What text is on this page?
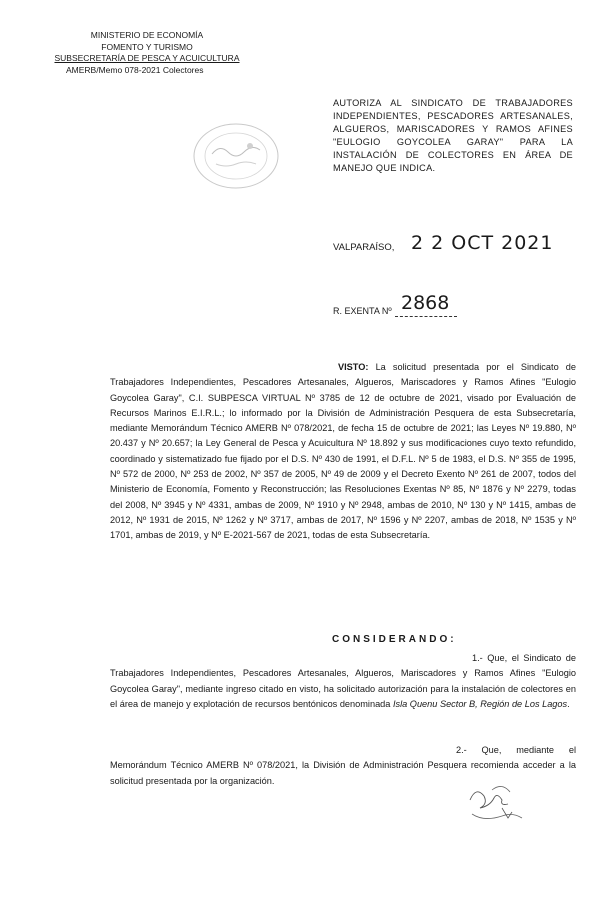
MINISTERIO DE ECONOMÍA
FOMENTO Y TURISMO
SUBSECRETARÍA DE PESCA Y ACUICULTURA
AMERB/Memo 078-2021 Colectores
AUTORIZA AL SINDICATO DE TRABAJADORES INDEPENDIENTES, PESCADORES ARTESANALES, ALGUEROS, MARISCADORES Y RAMOS AFINES "EULOGIO GOYCOLEA GARAY" PARA LA INSTALACIÓN DE COLECTORES EN ÁREA DE MANEJO QUE INDICA.
VALPARAÍSO, 2 2 OCT 2021
R. EXENTA Nº 2868
VISTO: La solicitud presentada por el Sindicato de Trabajadores Independientes, Pescadores Artesanales, Algueros, Mariscadores y Ramos Afines "Eulogio Goycolea Garay", C.I. SUBPESCA VIRTUAL Nº 3785 de 12 de octubre de 2021, visado por Evaluación de Recursos Marinos E.I.R.L.; lo informado por la División de Administración Pesquera de esta Subsecretaría, mediante Memorándum Técnico AMERB Nº 078/2021, de fecha 15 de octubre de 2021; las Leyes Nº 19.880, Nº 20.437 y Nº 20.657; la Ley General de Pesca y Acuicultura Nº 18.892 y sus modificaciones cuyo texto refundido, coordinado y sistematizado fue fijado por el D.S. Nº 430 de 1991, el D.F.L. Nº 5 de 1983, el D.S. Nº 355 de 1995, Nº 572 de 2000, Nº 253 de 2002, Nº 357 de 2005, Nº 49 de 2009 y el Decreto Exento Nº 261 de 2007, todos del Ministerio de Economía, Fomento y Reconstrucción; las Resoluciones Exentas Nº 85, Nº 1876 y Nº 2279, todas del 2008, Nº 3945 y Nº 4331, ambas de 2009, Nº 1910 y Nº 2948, ambas de 2010, Nº 130 y Nº 1415, ambas de 2012, Nº 1931 de 2015, Nº 1262 y Nº 3717, ambas de 2017, Nº 1596 y Nº 2207, ambas de 2018, Nº 1535 y Nº 1701, ambas de 2019, y Nº E-2021-567 de 2021, todas de esta Subsecretaría.
CONSIDERANDO:
1.- Que, el Sindicato de Trabajadores Independientes, Pescadores Artesanales, Algueros, Mariscadores y Ramos Afines "Eulogio Goycolea Garay", mediante ingreso citado en visto, ha solicitado autorización para la instalación de colectores en el área de manejo y explotación de recursos bentónicos denominada Isla Quenu Sector B, Región de Los Lagos.
2.- Que, mediante el Memorándum Técnico AMERB Nº 078/2021, la División de Administración Pesquera recomienda acceder a la solicitud presentada por la organización.
